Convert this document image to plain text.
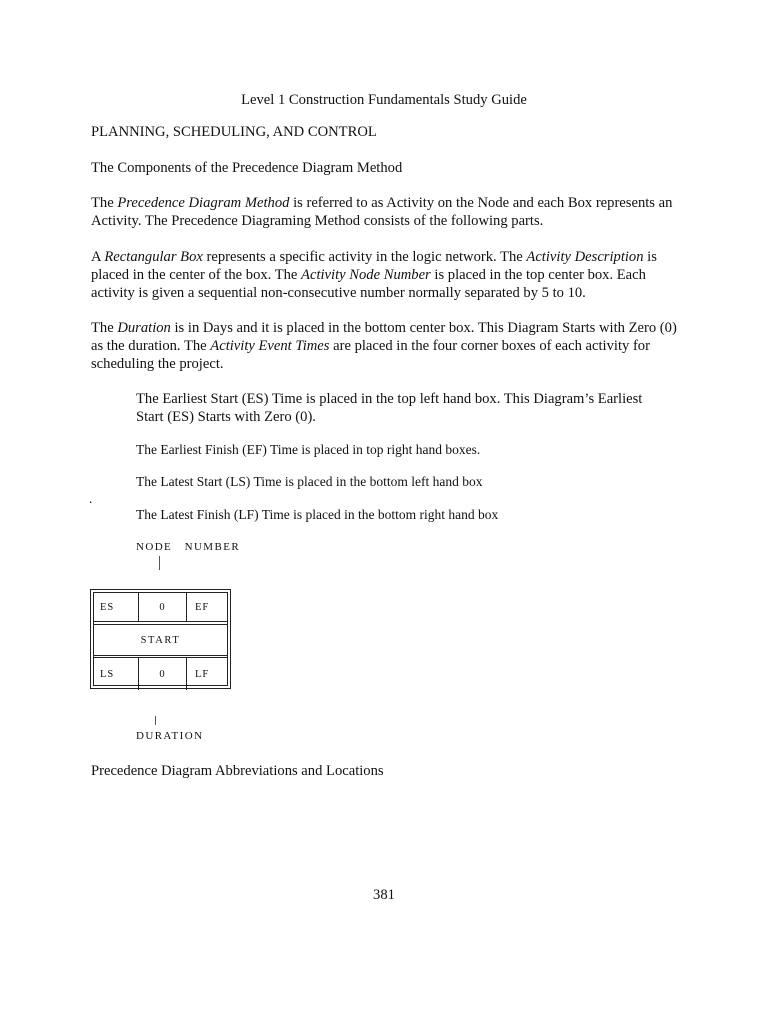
Level 1 Construction Fundamentals Study Guide
PLANNING, SCHEDULING, AND CONTROL
The Components of the Precedence Diagram Method
The Precedence Diagram Method is referred to as Activity on the Node and each Box represents an Activity. The Precedence Diagraming Method consists of the following parts.
A Rectangular Box represents a specific activity in the logic network. The Activity Description is placed in the center of the box. The Activity Node Number is placed in the top center box. Each activity is given a sequential non-consecutive number normally separated by 5 to 10.
The Duration is in Days and it is placed in the bottom center box. This Diagram Starts with Zero (0) as the duration. The Activity Event Times are placed in the four corner boxes of each activity for scheduling the project.
The Earliest Start (ES) Time is placed in the top left hand box. This Diagram’s Earliest Start (ES) Starts with Zero (0).
The Earliest Finish (EF) Time is placed in top right hand boxes.
The Latest Start (LS) Time is placed in the bottom left hand box
.
The Latest Finish (LF) Time is placed in the bottom right hand box
NODE   NUMBER
ES	0	EF
START
LS	0	LF
DURATION
Precedence Diagram Abbreviations and Locations
381
